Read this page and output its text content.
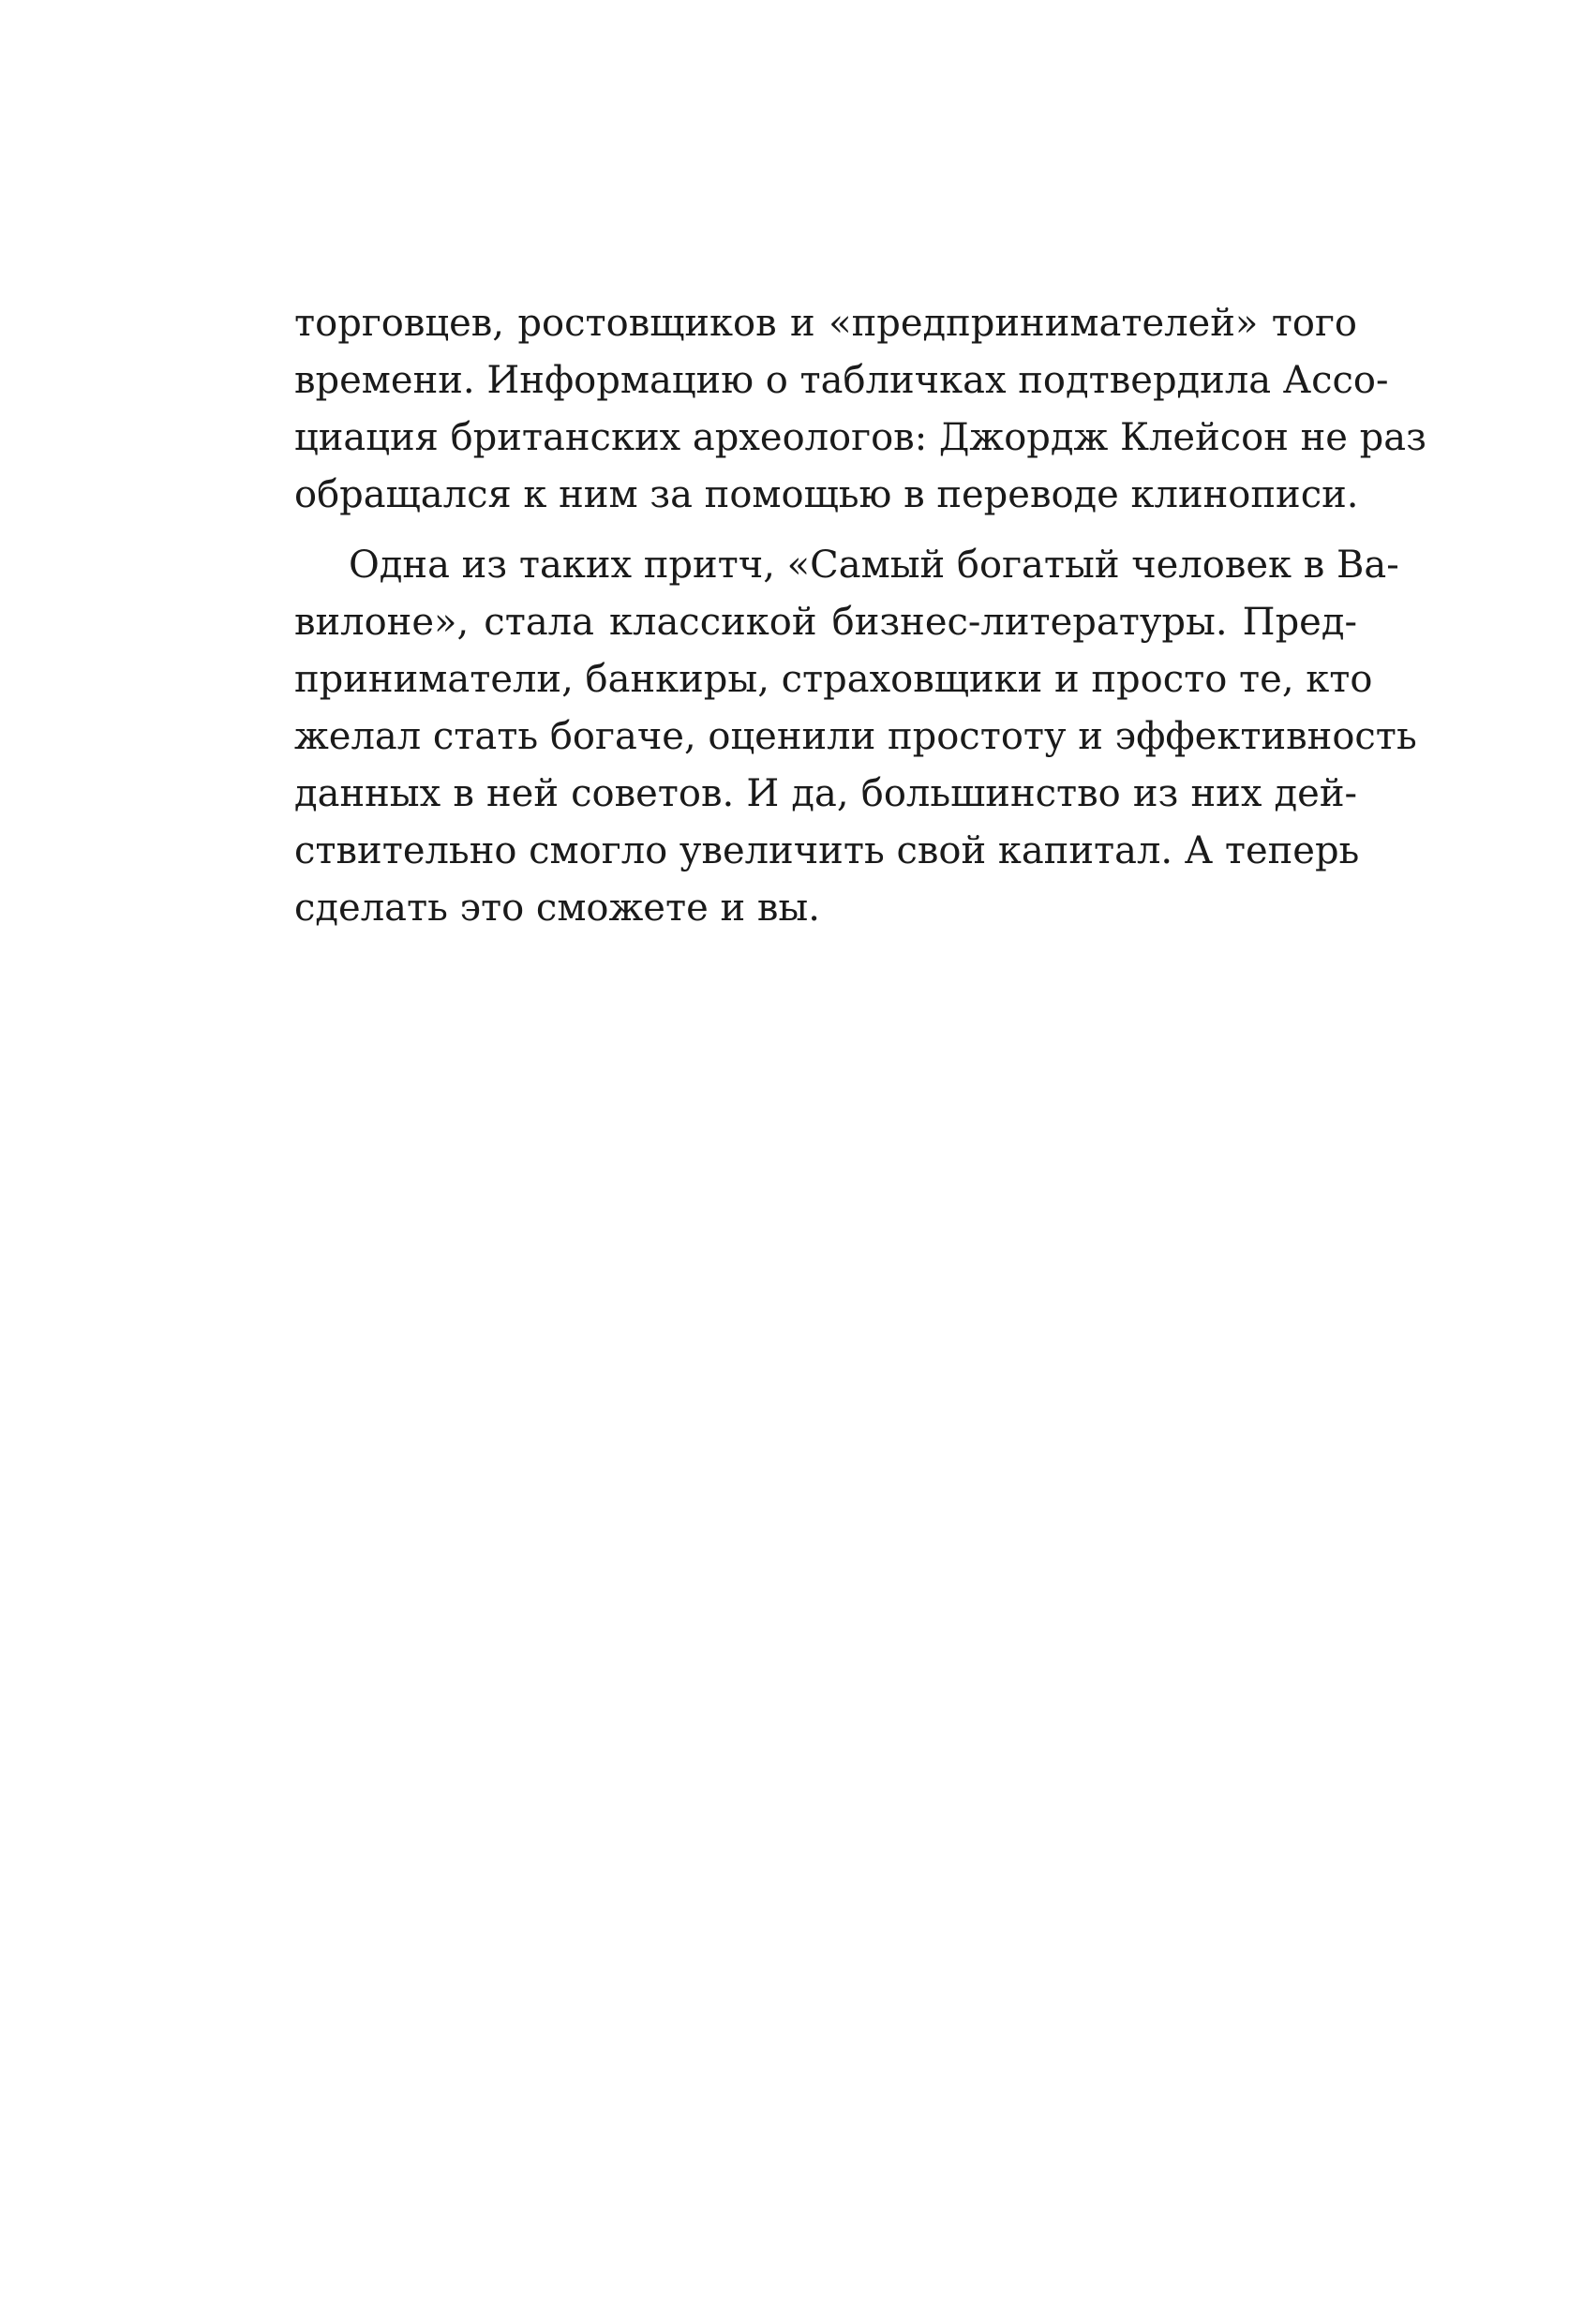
торговцев, ростовщиков и «предпринимателей» того
времени. Информацию о табличках подтвердила Ассо-
циация британских археологов: Джордж Клейсон не раз
обращался к ним за помощью в переводе клинописи.
Одна из таких притч, «Самый богатый человек в Ва-
вилоне», стала классикой бизнес-литературы. Пред-
приниматели, банкиры, страховщики и просто те, кто
желал стать богаче, оценили простоту и эффективность
данных в ней советов. И да, большинство из них дей-
ствительно смогло увеличить свой капитал. А теперь
сделать это сможете и вы.
